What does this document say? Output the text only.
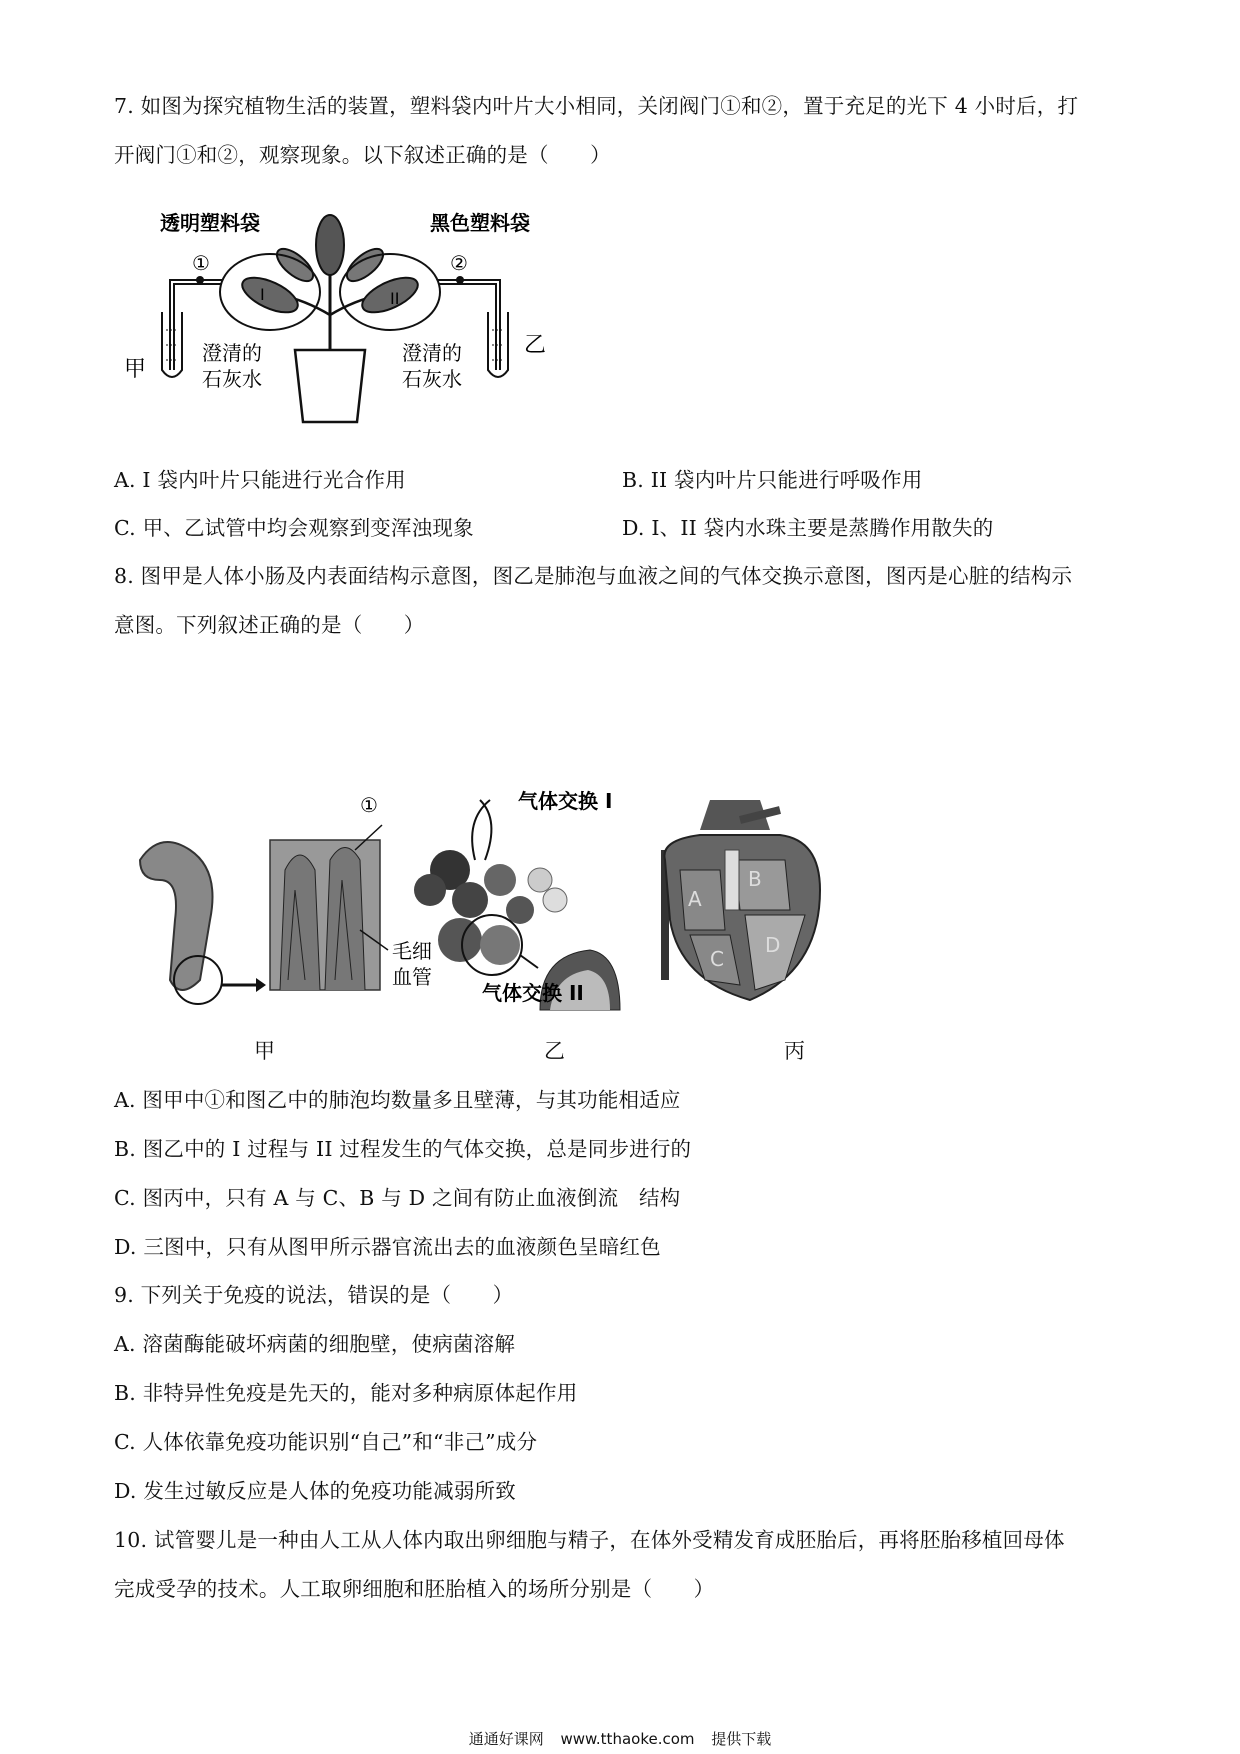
7. 如图为探究植物生活的装置，塑料袋内叶片大小相同，关闭阀门①和②，置于充足的光下 4 小时后，打
开阀门①和②，观察现象。以下叙述正确的是（　　）
透明塑料袋	黑色塑料袋
①	②
I	II
甲
乙
澄清的
石灰水
澄清的
石灰水
A. I 袋内叶片只能进行光合作用	B. II 袋内叶片只能进行呼吸作用
C. 甲、乙试管中均会观察到变浑浊现象	D. I、II 袋内水珠主要是蒸腾作用散失的
8. 图甲是人体小肠及内表面结构示意图，图乙是肺泡与血液之间的气体交换示意图，图丙是心脏的结构示
意图。下列叙述正确的是（　　）
①
毛细
血管
气体交换 I
气体交换 II
A
B
C
D
甲	乙	丙
A. 图甲中①和图乙中的肺泡均数量多且壁薄，与其功能相适应
B. 图乙中的 I 过程与 II 过程发生的气体交换，总是同步进行的
C. 图丙中，只有 A 与 C、B 与 D 之间有防止血液倒流　结构
D. 三图中，只有从图甲所示器官流出去的血液颜色呈暗红色
9. 下列关于免疫的说法，错误的是（　　）
A. 溶菌酶能破坏病菌的细胞壁，使病菌溶解
B. 非特异性免疫是先天的，能对多种病原体起作用
C. 人体依靠免疫功能识别“自己”和“非己”成分
D. 发生过敏反应是人体的免疫功能减弱所致
10. 试管婴儿是一种由人工从人体内取出卵细胞与精子，在体外受精发育成胚胎后，再将胚胎移植回母体
完成受孕的技术。人工取卵细胞和胚胎植入的场所分别是（　　）
通通好课网 www.tthaoke.com 提供下载
